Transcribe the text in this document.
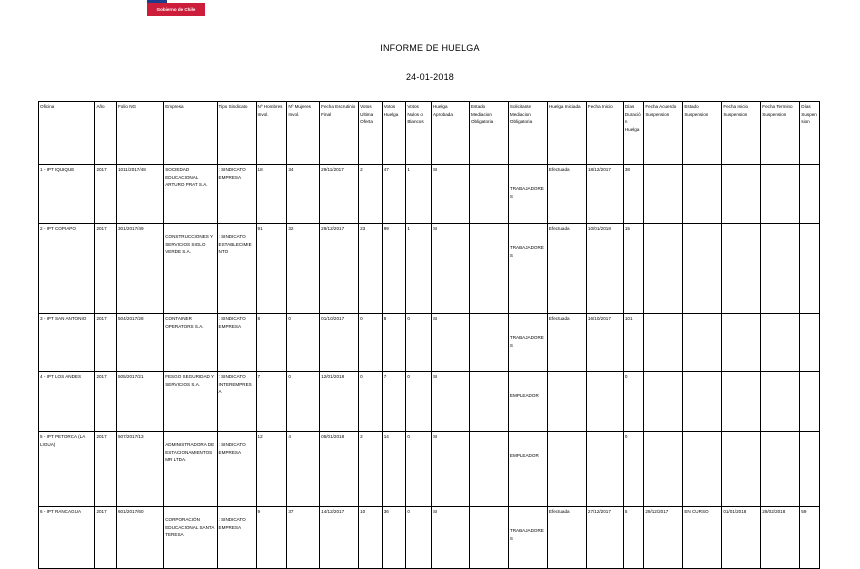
Gobierno de Chile
INFORME DE HUELGA
24-01-2018
Oficina	Año	Folio NG	Empresa	Tipo Sindicato	Nº Hombres Invol.	Nº Mujeres Invol.	Fecha Escrutinio Final	Votos Ultima Oferta	Votos Huelga	Votos Nulos o Blancos	Huelga Aprobada	Estado Mediacion Obligatoria	Solicitante Mediacion Obligatoria	Huelga Iniciada	Fecha Inicio	Días Duración Huelga	Fecha Acuerdo Suspension	Estado Suspension	Fecha Inicio Suspension	Fecha Termino Suspension	Días Suspension
1 - IPT IQUIQUE	2017	1011/2017/48	SOCIEDAD EDUCACIONAL ARTURO PRAT S.A.	: SINDICATO EMPRESA	18	34	29/11/2017	2	47	1	SI		TRABAJADORES	Efectuada	18/12/2017	38					
2 - IPT COPIAPO	2017	301/2017/49	CONSTRUCCIONES Y SERVICIOS SIGLO VERDE S.A.	: SINDICATO ESTABLECIMIENTO	91	32	29/12/2017	23	99	1	SI		TRABAJADORES	Efectuada	10/01/2018	15					
3 - IPT SAN ANTONIO	2017	504/2017/28	CONTAINER OPERATORS S.A.	: SINDICATO EMPRESA	8	0	01/10/2017	0	8	0	SI		TRABAJADORES	Efectuada	16/10/2017	101					
4 - IPT LOS ANDES	2017	505/2017/21	FESGO SEGURIDAD Y SERVICIOS S.A.	: SINDICATO INTEREMPRESA	7	0	12/01/2018	0	7	0	SI		EMPLEADOR			0					
5 - IPT PETORCA (LA LIGUA)	2017	507/2017/13	ADMINISTRADORA DE ESTACIONAMIENTOS MR LTDA.	: SINDICATO EMPRESA	12	4	05/01/2018	2	14	0	SI		EMPLEADOR			0					
6 - IPT RANCAGUA	2017	601/2017/60	CORPORACIÓN EDUCACIONAL SANTA TERESA	: SINDICATO EMPRESA	9	37	14/12/2017	10	36	0	SI		TRABAJADORES	Efectuada	27/12/2017	5	29/12/2017	EN CURSO	01/01/2018	28/02/2018	59
